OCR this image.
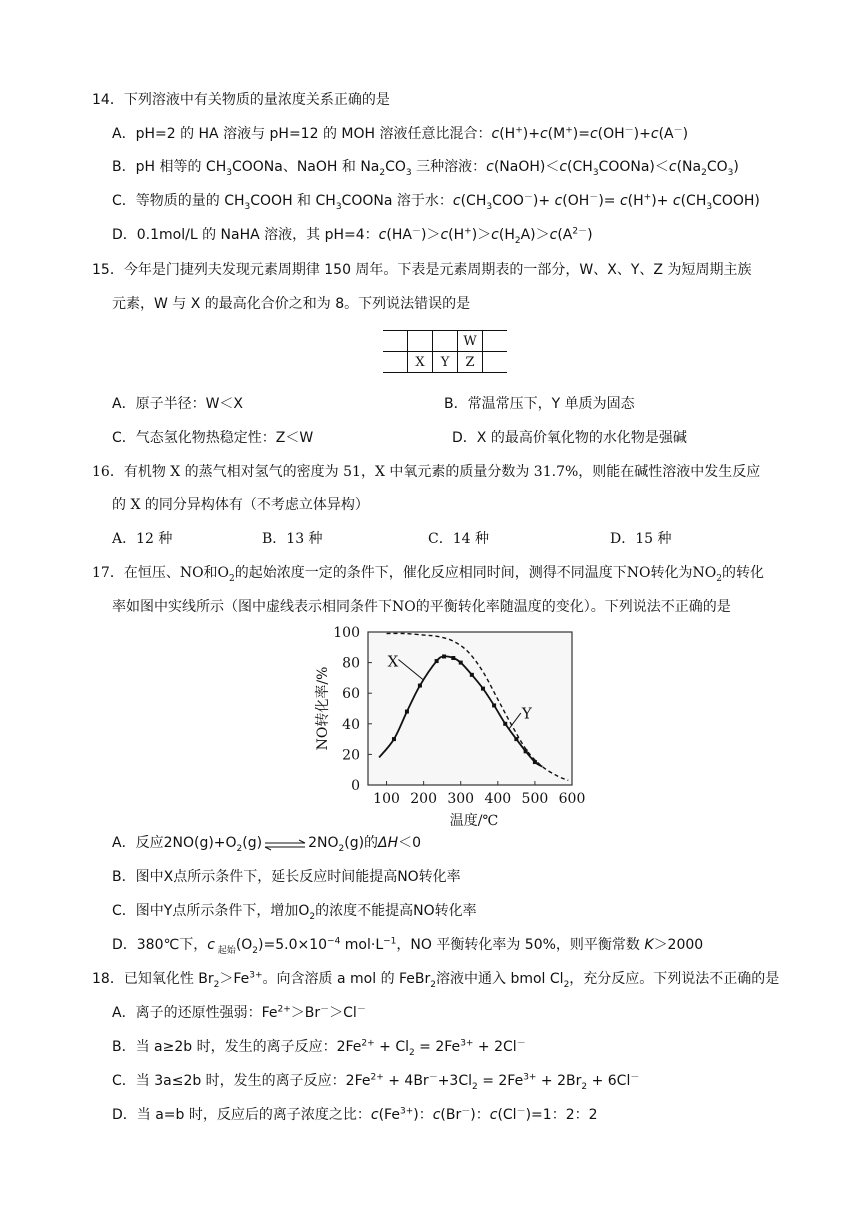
14．下列溶液中有关物质的量浓度关系正确的是
A．pH=2 的 HA 溶液与 pH=12 的 MOH 溶液任意比混合：c(H+)+c(M+)=c(OH－)+c(A－)
B．pH 相等的 $CH_3COONa$、NaOH 和 $Na_2CO_3$ 三种溶液：$c(NaOH)<c(CH_3COONa)<c(Na_2CO_3)$
C．等物质的量的 $CH_3COOH$ 和 $CH_3COONa$ 溶于水：$c(CH_3COO^-)+ c(OH^-)= c(H^+)+$ $c(CH_3COOH)$
D．0.1mol/L 的 NaHA 溶液，其 pH=4：$c(HA^-)>c(H^+)>c(H_2A)>c(A^{2-})$
15．今年是门捷列夫发现元素周期律 150 周年。下表是元素周期表的一部分，W、X、Y、Z 为短周期主族
元素，W 与 X 的最高化合价之和为 8。下列说法错误的是
			W	
	X	Y	Z	
A．原子半径：W＜X	B．常温常压下，Y 单质为固态
C．气态氢化物热稳定性：Z＜W	D．X 的最高价氧化物的水化物是强碱
16．有机物 X 的蒸气相对氢气的密度为 51，X 中氧元素的质量分数为 31.7%，则能在碱性溶液中发生反应
的 X 的同分异构体有（不考虑立体异构）
A．12 种	B．13 种	C．14 种	D．15 种
17．在恒压、NO和$O_2$的起始浓度一定的条件下，催化反应相同时间，测得不同温度下NO转化为$NO_2$的转化
率如图中实线所示（图中虚线表示相同条件下NO的平衡转化率随温度的变化）。下列说法不正确的是
0
20
40
60
80
100
100 200 300 400 500 600
温度/℃
NO转化率/%
X
Y
A．反应$2NO(g)+O_2(g)\rightleftharpoons 2NO_2(g)$的ΔH＜0
B．图中X点所示条件下，延长反应时间能提高NO转化率
C．图中Y点所示条件下，增加$O_2$的浓度不能提高NO转化率
D．380℃下，c $_{起始}(O_2)=5.0\times 10^{-4}$ $mol\cdot L^{-1}$，NO 平衡转化率为 50%，则平衡常数 K＞2000
18．已知氧化性 $Br_2>Fe^{3+}$。向含溶质 a mol 的 FeBr$_2$溶液中通入 bmol $Cl_2$，充分反应。下列说法不正确的是
A．离子的还原性强弱：$Fe^{2+}>Br^->Cl^-$
B．当 a≥2b 时，发生的离子反应：$2Fe^{2+} + Cl_2 = 2Fe^{3+} + 2Cl^-$
C．当 3a≤2b 时，发生的离子反应：$2Fe^{2+} + 4Br^-+3Cl_2 = 2Fe^{3+} + 2Br_2 + 6Cl^-$
D．当 a=b 时，反应后的离子浓度之比：$c(Fe^{3+})$：c(Br－)：c(Cl－)=1：2：2
